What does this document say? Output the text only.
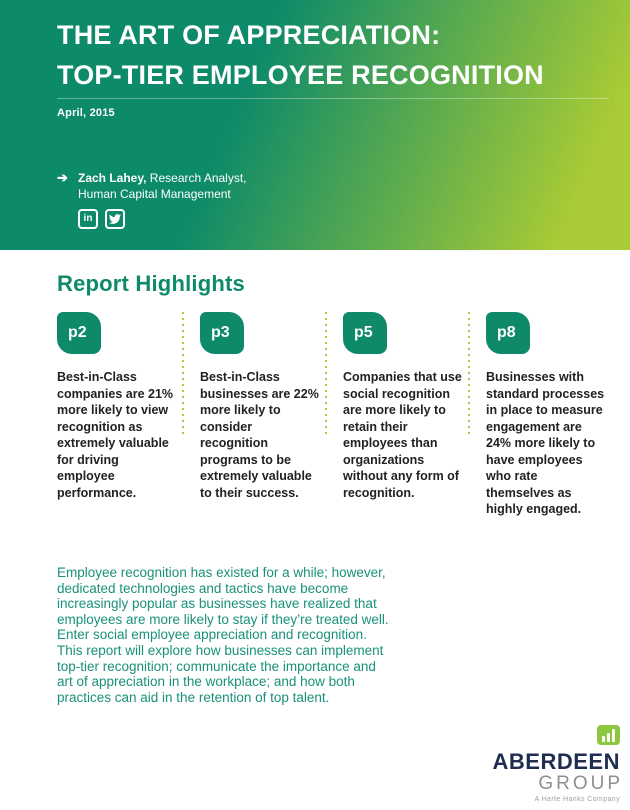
THE ART OF APPRECIATION:
TOP-TIER EMPLOYEE RECOGNITION
April, 2015
➔ Zach Lahey, Research Analyst,
Human Capital Management
in
Report Highlights
p2
Best-in-Class companies are 21% more likely to view recognition as extremely valuable for driving employee performance.
p3
Best-in-Class businesses are 22% more likely to consider recognition programs to be extremely valuable to their success.
p5
Companies that use social recognition are more likely to retain their employees than organizations without any form of recognition.
p8
Businesses with standard processes in place to measure engagement are 24% more likely to have employees who rate themselves as highly engaged.
Employee recognition has existed for a while; however, dedicated technologies and tactics have become increasingly popular as businesses have realized that employees are more likely to stay if they’re treated well. Enter social employee appreciation and recognition. This report will explore how businesses can implement top-tier recognition; communicate the importance and art of appreciation in the workplace; and how both practices can aid in the retention of top talent.
ABERDEEN
GROUP
A Harte Hanks Company
